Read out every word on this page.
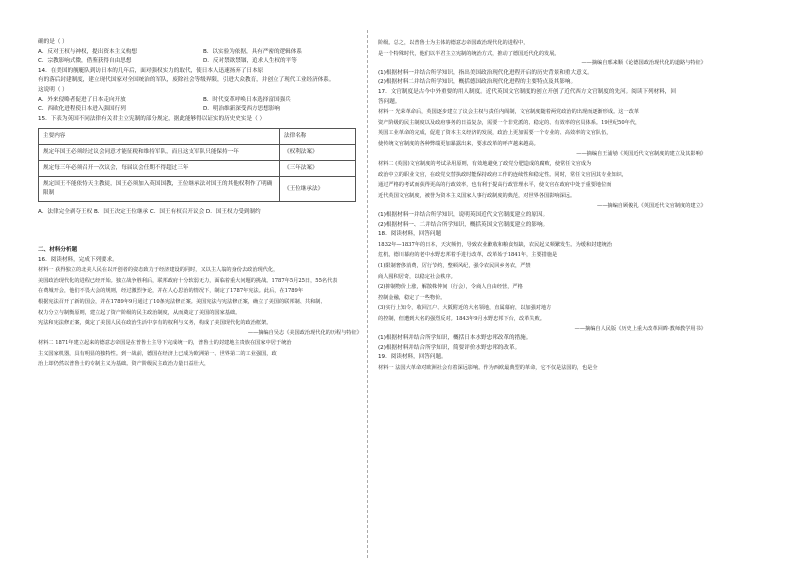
确的是（ ）
A．反对王权与神权，提出资本主义构想	B．以实验为依据，具有严密的逻辑体系
C．宗教影响式微，借鉴获得自由思想	D．反对禁欲禁锢，追求人生权的平等
14．在美国的舰艇队到访日本的几年后，面对强权实力的取代，使日本人迅速扬弃了日本原
有的落后封建制度，建立现代国家对全国统治的军队，废除社会等级界限，引进大众教育，并创立了现代工业经济体系。
这说明（ ）
A．外来侵略者促进了日本走向开放	B．时代变革呼唤日本选择富国强兵
C．西欧化进程使日本进入强国行列	D．明治维新深受西方思想影响
15．下表为英国不同法律有关君主立宪制的部分规定，据此能够得以证实的历史史实是（ ）
主要内容	法律名称
规定年国王必须经过议会同意才能征税和维持军队，而且这支军队只能保持一年	《权利法案》
规定每三年必须召开一次议会，每届议会任期不得超过三年	《三年法案》
规定国王不能依恃天主教徒，国王必须加入英国国教，王位继承法对国王的其他权利作了明确限制	《王位继承法》
A．法律完全剥夺王权 B．国王决定王位继承 C．国王有权召开议会 D．国王权力受到制约
二、材料分析题
16．阅读材料，完成下列要求。
材料一 获得独立的北美人民在以开创者的姿态致力于经济建设的同时，又以主人翁的身份去政治现代化，
美国政治现代化的进程已经开始。独立战争胜利后，联邦政府十分软弱无力，面临着重大问题的挑战。1787年5月25日，55名代表
在费城开会，他们不畏大会的规则，经过激烈争论，并在人心思治的情况下，制定了1787年宪法。此后，在1789年
根据宪法召开了新的国会，并在1789年9月通过了10条宪法修正案。美国宪法与宪法修正案，确立了美国的联邦制、共和制、
权力分立与制衡原则，建立起了资产阶级的民主政治制度，从而奠定了美国的国家基础。
宪法和宪法修正案，奠定了美国人民在政治生活中享有的权利与义务，构成了美国现代化的政治框架。
——摘编自吴志《美国政治现代化的历程与特征》
材料二 1871年建立起来的德意志帝国是在普鲁士主导下完成统一的，普鲁士的封建地主贵族在国家中居于统治
主义国家机器，具有明显的独特性。到一战前，德国在经济上已成为欧洲第一、世界第二的工业强国，政
治上却仍然以普鲁士的专制主义为基础。资产阶级民主政治力量日益壮大，
阶级。总之，以普鲁士为主体的德意志帝国政治现代化的进程中，
是一个特殊时代，他们以半君主立宪制的统治方式，推动了德国近代化的发展。
——摘编自邢来顺《论德国政治现代化的道路与特征》
(1)根据材料一并结合所学知识，指出美国政治现代化进程开启的历史背景和重大意义。
(2)根据材料二并结合所学知识，概括德国政治现代化进程的主要特点及其影响。
17．文官制度是古今中外重要的用人制度。近代英国文官制度的创立开创了近代西方文官制度的先河。阅读下列材料，回
答问题。
材料一 光荣革命后，英国逐步建立了议会主权与责任内阁制，文官制度随着两党政治的出现而逐渐形成。这一改革
资产阶级的民主制度以及政府事务的日益复杂，需要一个非党派的、稳定的、有效率的官员体系。19世纪50年代，
英国工业革命的完成，促进了资本主义经济的发展，政治上更加需要一个专业的、高效率的文官队伍，
使传统文官制度的各种弊端更加暴露出来，要求改革的呼声越来越高。
——摘编自王浦劬《英国近代文官制度的建立及其影响》
材料二 (英国)文官制度的考试录用原则，有效地避免了政党分肥造成的腐败，使常任文官成为
政治中立的职业文官，在政党交替执政时能保持政府工作的连续性和稳定性。同时，常任文官因其专业知识，
通过严格的考试而获得更高的行政效率，也有利于提高行政管理水平，使文官在政府中处于重要地位而
近代英国文官制度，被誉为资本主义国家人事行政制度的典范，对世界各国影响深远。
——摘编自顾俊礼《英国近代文官制度的建立》
(1)根据材料一并结合所学知识，说明英国近代文官制度建立的原因。
(2)根据材料一、二并结合所学知识，概括英国文官制度建立的影响。
18．阅读材料，回答问题
1832年—1837年的日本，天灾频仍，导致农业歉收和粮食短缺，农民起义频繁发生。为缓和封建统治
危机，德川幕府的老中水野忠邦着手进行改革，改革始于1841年，主要措施是
(1)限制奢侈消费，厉行节约，整顿风纪，强令农民回乡务农，严禁
商人囤积居奇，以稳定社会秩序。
(2)抑制物价上涨，解散株仲间（行会），令商人自由经营，严格
控制金融，稳定了一些物价。
(3)实行上知令，收回江户、大阪附近的大名领地，直属幕府，以加强对地方
的控制，但遭到大名的强烈反对。1843年9月水野忠邦下台，改革失败。
——摘编自人民版《历史上重大改革回眸·教师教学用书》
(1)根据材料并结合所学知识，概括日本水野忠邦改革的措施。
(2)根据材料并结合所学知识，简要评价水野忠邦的改革。
19．阅读材料，回答问题。
材料一 法国大革命对欧洲社会有着深远影响。作为西欧最典型的革命，它不仅是法国的，也是全
